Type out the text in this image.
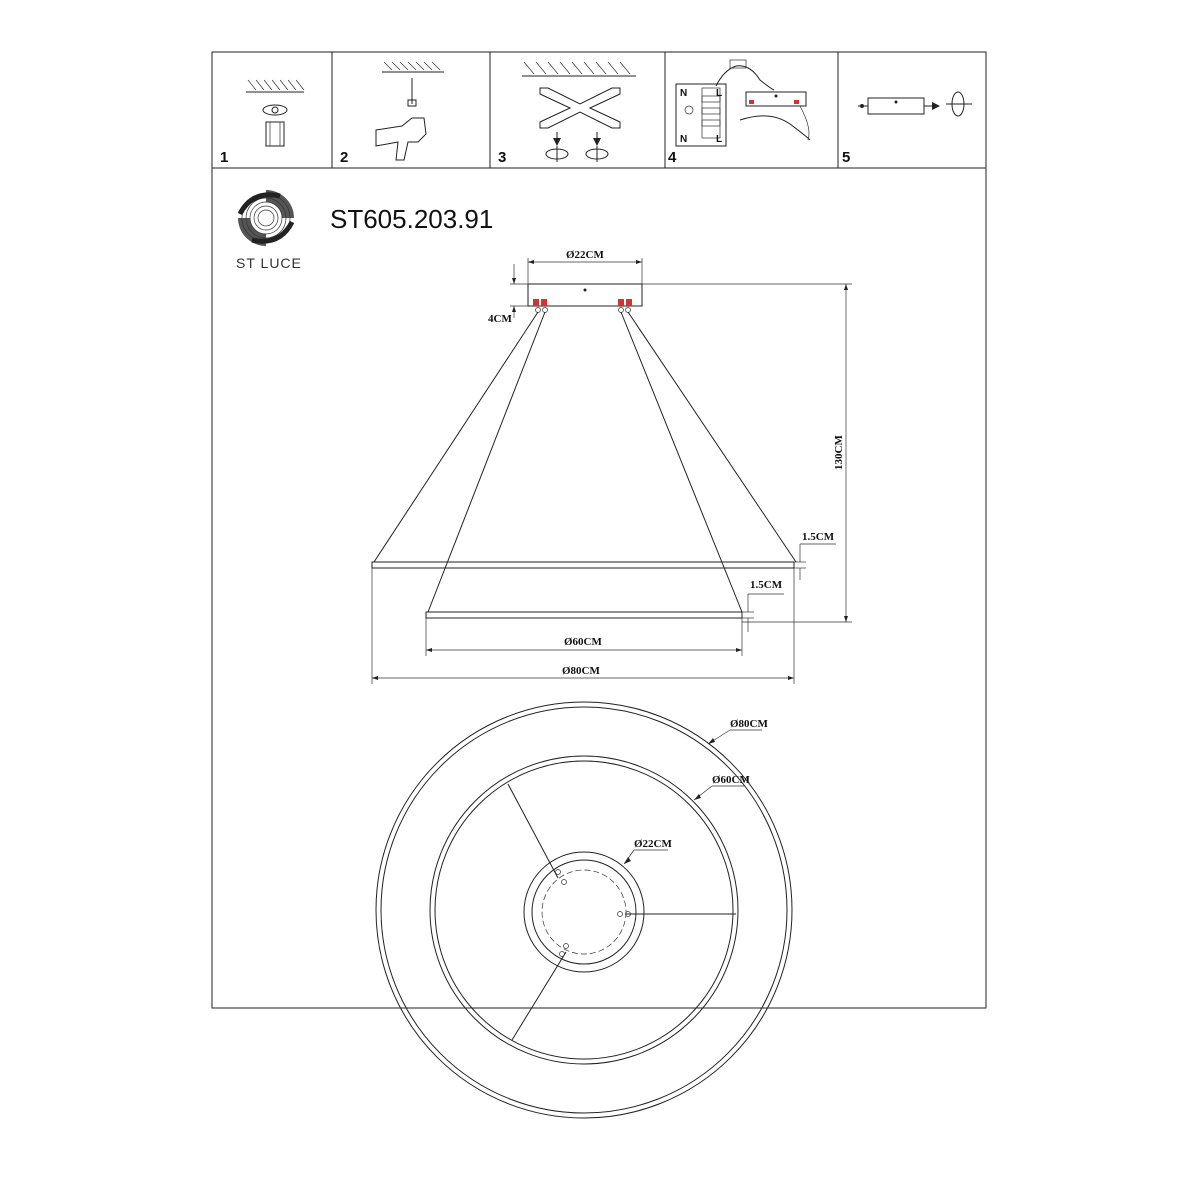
1	2	3	4	5
N	L
N	L
ST LUCE
ST605.203.91
Ø22CM
4CM
130CM
1.5CM
1.5CM
Ø60CM
Ø80CM
Ø80CM
Ø60CM
Ø22CM
